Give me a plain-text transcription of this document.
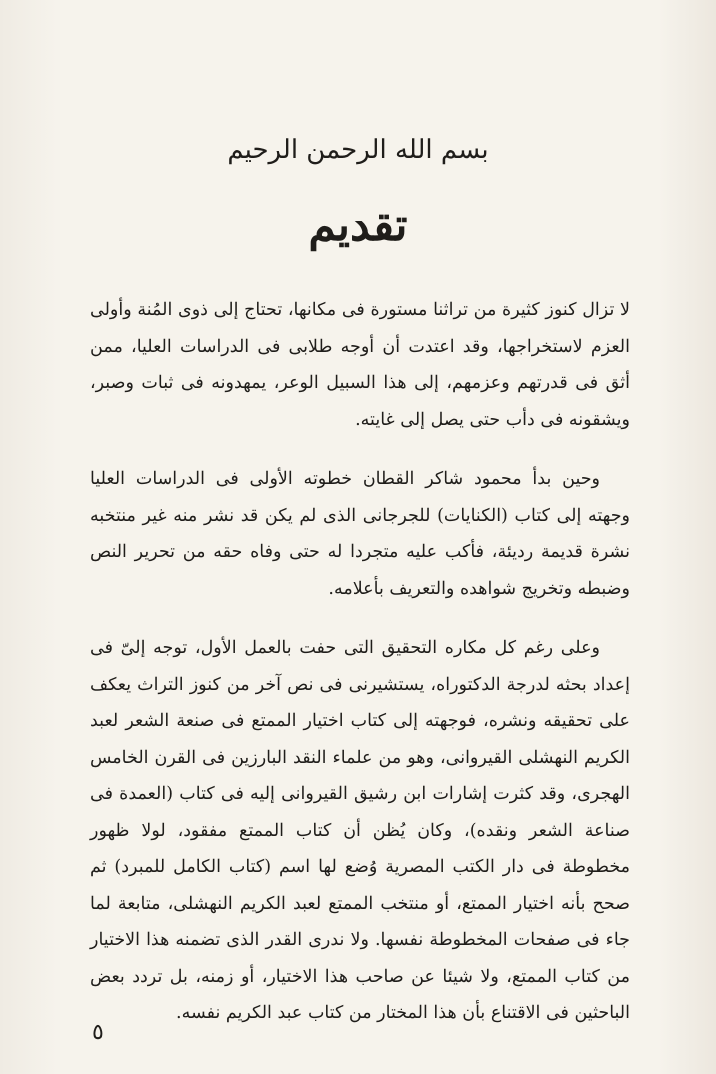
بسم الله الرحمن الرحيم
تقديم

لا تزال كنوز كثيرة من تراثنا مستورة فى مكانها، تحتاج إلى ذوى المُنة وأولى العزم لاستخراجها، وقد اعتدت أن أوجه طلابى فى الدراسات العليا، ممن أثق فى قدرتهم وعزمهم، إلى هذا السبيل الوعر، يمهدونه فى ثبات وصبر، ويشقونه فى دأب حتى يصل إلى غايته.

وحين بدأ محمود شاكر القطان خطوته الأولى فى الدراسات العليا وجهته إلى كتاب (الكنايات) للجرجانى الذى لم يكن قد نشر منه غير منتخبه نشرة قديمة رديئة، فأكب عليه متجردا له حتى وفاه حقه من تحرير النص وضبطه وتخريج شواهده والتعريف بأعلامه.

وعلى رغم كل مكاره التحقيق التى حفت بالعمل الأول، توجه إلىّ فى إعداد بحثه لدرجة الدكتوراه، يستشيرنى فى نص آخر من كنوز التراث يعكف على تحقيقه ونشره، فوجهته إلى كتاب اختيار الممتع فى صنعة الشعر لعبد الكريم النهشلى القيروانى، وهو من علماء النقد البارزين فى القرن الخامس الهجرى، وقد كثرت إشارات ابن رشيق القيروانى إليه فى كتاب (العمدة فى صناعة الشعر ونقده)، وكان يُظن أن كتاب الممتع مفقود، لولا ظهور مخطوطة فى دار الكتب المصرية وُضع لها اسم (كتاب الكامل للمبرد) ثم صحح بأنه اختيار الممتع، أو منتخب الممتع لعبد الكريم النهشلى، متابعة لما جاء فى صفحات المخطوطة نفسها. ولا ندرى القدر الذى تضمنه هذا الاختيار من كتاب الممتع، ولا شيئا عن صاحب هذا الاختيار، أو زمنه، بل تردد بعض الباحثين فى الاقتناع بأن هذا المختار من كتاب عبد الكريم نفسه.

٥
